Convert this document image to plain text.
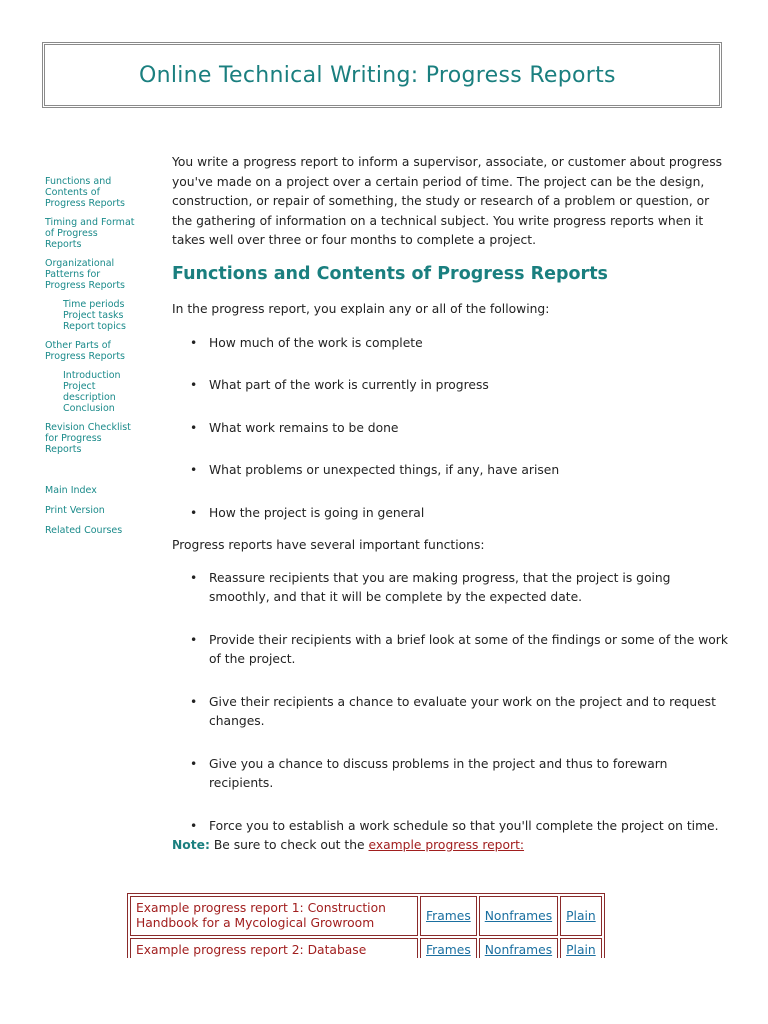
Online Technical Writing: Progress Reports
Functions and Contents of Progress Reports
Timing and Format of Progress Reports
Organizational Patterns for Progress Reports
Time periods
Project tasks
Report topics
Other Parts of Progress Reports
Introduction
Project description
Conclusion
Revision Checklist for Progress Reports
Main Index
Print Version
Related Courses

You write a progress report to inform a supervisor, associate, or customer about progress you've made on a project over a certain period of time. The project can be the design, construction, or repair of something, the study or research of a problem or question, or the gathering of information on a technical subject. You write progress reports when it takes well over three or four months to complete a project.

Functions and Contents of Progress Reports

In the progress report, you explain any or all of the following:

• How much of the work is complete
• What part of the work is currently in progress
• What work remains to be done
• What problems or unexpected things, if any, have arisen
• How the project is going in general

Progress reports have several important functions:

• Reassure recipients that you are making progress, that the project is going smoothly, and that it will be complete by the expected date.
• Provide their recipients with a brief look at some of the findings or some of the work of the project.
• Give their recipients a chance to evaluate your work on the project and to request changes.
• Give you a chance to discuss problems in the project and thus to forewarn recipients.
• Force you to establish a work schedule so that you'll complete the project on time.

Note: Be sure to check out the example progress report:

Example progress report 1: Construction Handbook for a Mycological Growroom	Frames	Nonframes	Plain
Example progress report 2: Database	Frames	Nonframes	Plain
